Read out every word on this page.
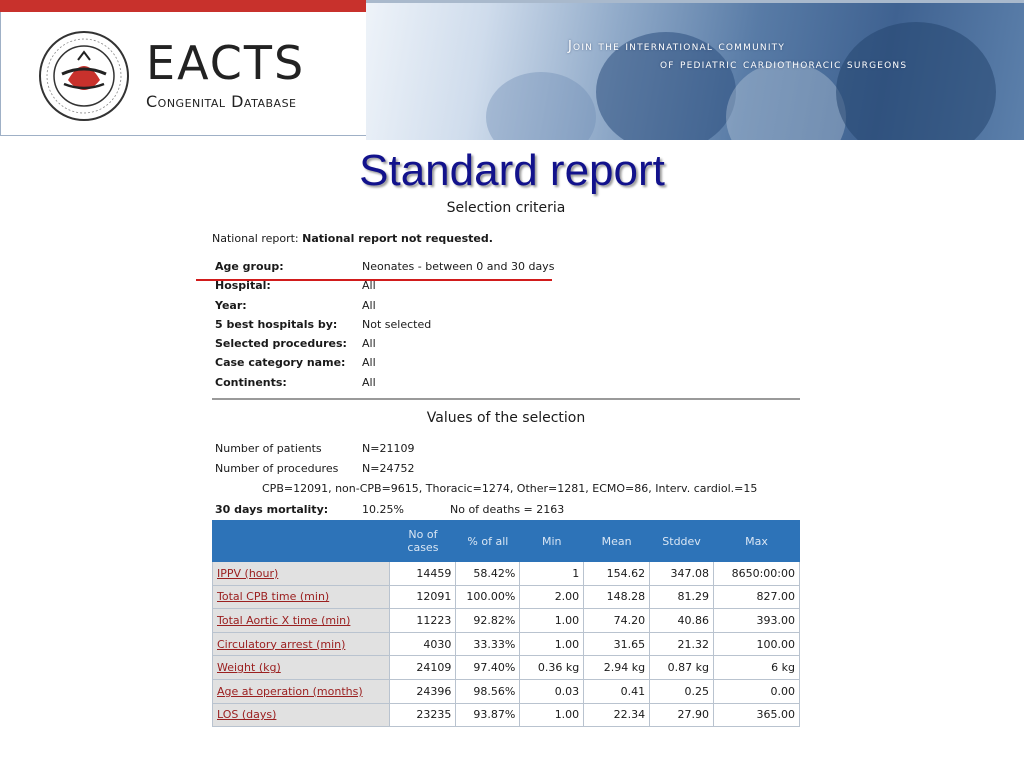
EACTS
Congenital Database
Join the international community
of pediatric cardiothoracic surgeons
Standard report
Selection criteria
National report: National report not requested.
Age group:	Neonates - between 0 and 30 days
Hospital:	All
Year:	All
5 best hospitals by: Not selected
Selected procedures: All
Case category name: All
Continents:	All
Values of the selection
Number of patients	N=21109
Number of procedures N=24752
CPB=12091, non-CPB=9615, Thoracic=1274, Other=1281, ECMO=86, Interv. cardiol.=15
30 days mortality:	10.25%	No of deaths = 2163
	No of cases	% of all	Min	Mean	Stddev	Max
IPPV (hour)	14459	58.42%	1	154.62	347.08	8650:00:00
Total CPB time (min)	12091	100.00%	2.00	148.28	81.29	827.00
Total Aortic X time (min)	11223	92.82%	1.00	74.20	40.86	393.00
Circulatory arrest (min)	4030	33.33%	1.00	31.65	21.32	100.00
Weight (kg)	24109	97.40%	0.36 kg	2.94 kg	0.87 kg	6 kg
Age at operation (months)	24396	98.56%	0.03	0.41	0.25	0.00
LOS (days)	23235	93.87%	1.00	22.34	27.90	365.00
